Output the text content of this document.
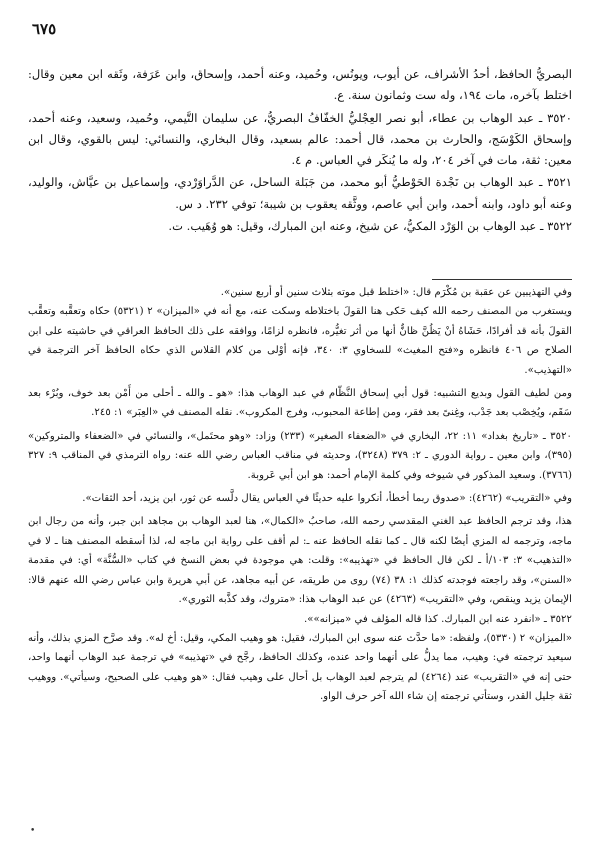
٦٧٥

البصريُّ الحافظ، أحدُ الأشراف، عن أيوب، ويونُس، وحُميد، وعنه أحمد، وإسحاق، وابن عَرَفة، وثَقه ابن معين وقال: اختلط بآخره، مات ١٩٤، وله ست وثمانون سنة. ع.

٣٥٢٠ ـ عبد الوهاب بن عطاء، أبو نصر العِجْليُّ الخفّافُ البصريُّ، عن سليمان التَّيمي، وحُميد، وسعيد، وعنه أحمد، وإسحاق الكَوْسَج، والحارث بن محمد، قال أحمد: عالم بسعيد، وقال البخاري، والنسائي: ليس بالقوي، وقال ابن معين: ثقة، مات في آخر ٢٠٤، وله ما يُنكَر في العباس. م ٤.

٣٥٢١ ـ عبد الوهاب بن نَجْدة الحَوْطيُّ أبو محمد، من جَبَلة الساحل، عن الدَّراوَرْدي، وإسماعيل بن عيَّاش، والوليد، وعنه أبو داود، وابنه أحمد، وابن أبي عاصم، ووثَّقه يعقوب بن شيبة؛ توفي ٢٣٢. د س.

٣٥٢٢ ـ عبد الوهاب بن الوَرْد المكيُّ، عن شيخ، وعنه ابن المبارك، وقيل: هو وُهَيب. ت.

وفي التهذيبين عن عقبة بن مُكْرَم قال: «اختلط قبل موته بثلاث سنين أو أربع سنين».

ويستغرب من المصنف رحمه الله كيف حَكى هنا القولَ باختلاطه وسكت عنه، مع أنه في «الميزان» ٢ (٥٣٢١) حكاه وتعقَّبه وتعقَّب القولَ بأنه قد أفرادًا، حَشَاهُ أنْ يَظُنَّ ظانٌّ أنها من أثر تغيُّره، فانظره لزامًا، ووافقه على ذلك الحافظ العراقي في حاشيته على ابن الصلاح ص ٤٠٦ فانظره و«فتح المغيث» للسخاوي ٣: ٣٤٠، فإنه أوْلى من كلام القلاس الذي حكاه الحافظ آخر الترجمة في «التهذيب».

ومن لطيف القول وبديع التشبيه: قول أبي إسحاق النَّظّام في عبد الوهاب هذا: «هو ـ والله ـ أحلى من أَمْن بعد خوف، وبُرْء بعد سَقَم، ويُخِصْب بعد جَدْب، وغِنىً بعد فقر، ومن إطاعة المحبوب، وفرج المكروب». نقله المصنف في «العِبَر» ١: ٢٤٥.

٣٥٢٠ ـ «تاريخ بغداد» ١١: ٢٢، البخاري في «الضعفاء الصغير» (٢٣٣) وزاد: «وهو محتَمل»، والنسائي في «الضعفاء والمتروكين» (٣٩٥)، وابن معين ـ رواية الدوري ـ ٢: ٣٧٩ (٣٢٤٨)، وحديثه في مناقب العباس رضي الله عنه: رواه الترمذي في المناقب ٩: ٣٢٧ (٣٧٦٦). وسعيد المذكور في شيوخه وفي كلمة الإمام أحمد: هو ابن أبي عَروبة.

وفي «التقريب» (٤٢٦٢): «صدوق ربما أخطأ، أنكروا عليه حديثًا في العباس يقال دلَّسه عن ثور، ابن يزيد، أحد الثقات».

هذا، وقد ترجم الحافظ عبد الغني المقدسي رحمه الله، صاحبُ «الكمال»، هنا لعبد الوهاب بن مجاهد ابن جبر، وأنه من رجال ابن ماجه، وترجمه له المزي أيضًا لكنه قال ـ كما نقله الحافظ عنه ـ: لم أقف على رواية ابن ماجه له، لذا أسقطه المصنف هنا ـ لا في «التذهيب» ٣: ١٠٣/أ ـ لكن قال الحافظ في «تهذيبه»: وقلت: هي موجودة في بعض النسخ في كتاب «السُّنَّة» أي: في مقدمة «السنن»، وقد راجعته فوجدته كذلك ١: ٣٨ (٧٤) روى من طريقه، عن أبيه مجاهد، عن أبي هريرة وابن عباس رضي الله عنهم قالا: الإيمان يزيد وينقص، وفي «التقريب» (٤٢٦٣) عن عبد الوهاب هذا: «متروك، وقد كذَّبه الثوري».

٣٥٢٢ ـ «انفرد عنه ابن المبارك. كذا قاله المؤلف في «ميزانه»».

«الميزان» ٢ (٥٣٣٠)، ولفظه: «ما حدَّث عنه سوى ابن المبارك، فقيل: هو وهيب المكي، وقيل: أخ له». وقد صرَّح المزي بذلك، وأنه سيعيد ترجمته في: وهيب، مما يدلُّ على أنهما واحد عنده، وكذلك الحافظ، رجَّح في «تهذيبه» في ترجمة عبد الوهاب أنهما واحد، حتى إنه في «التقريب» عند (٤٢٦٤) لم يترجم لعبد الوهاب بل أحال على وهيب فقال: «هو وهيب على الصحيح، وسيأتي». ووهيب ثقة جليل القدر، وستأتي ترجمته إن شاء الله آخر حرف الواو.

•
